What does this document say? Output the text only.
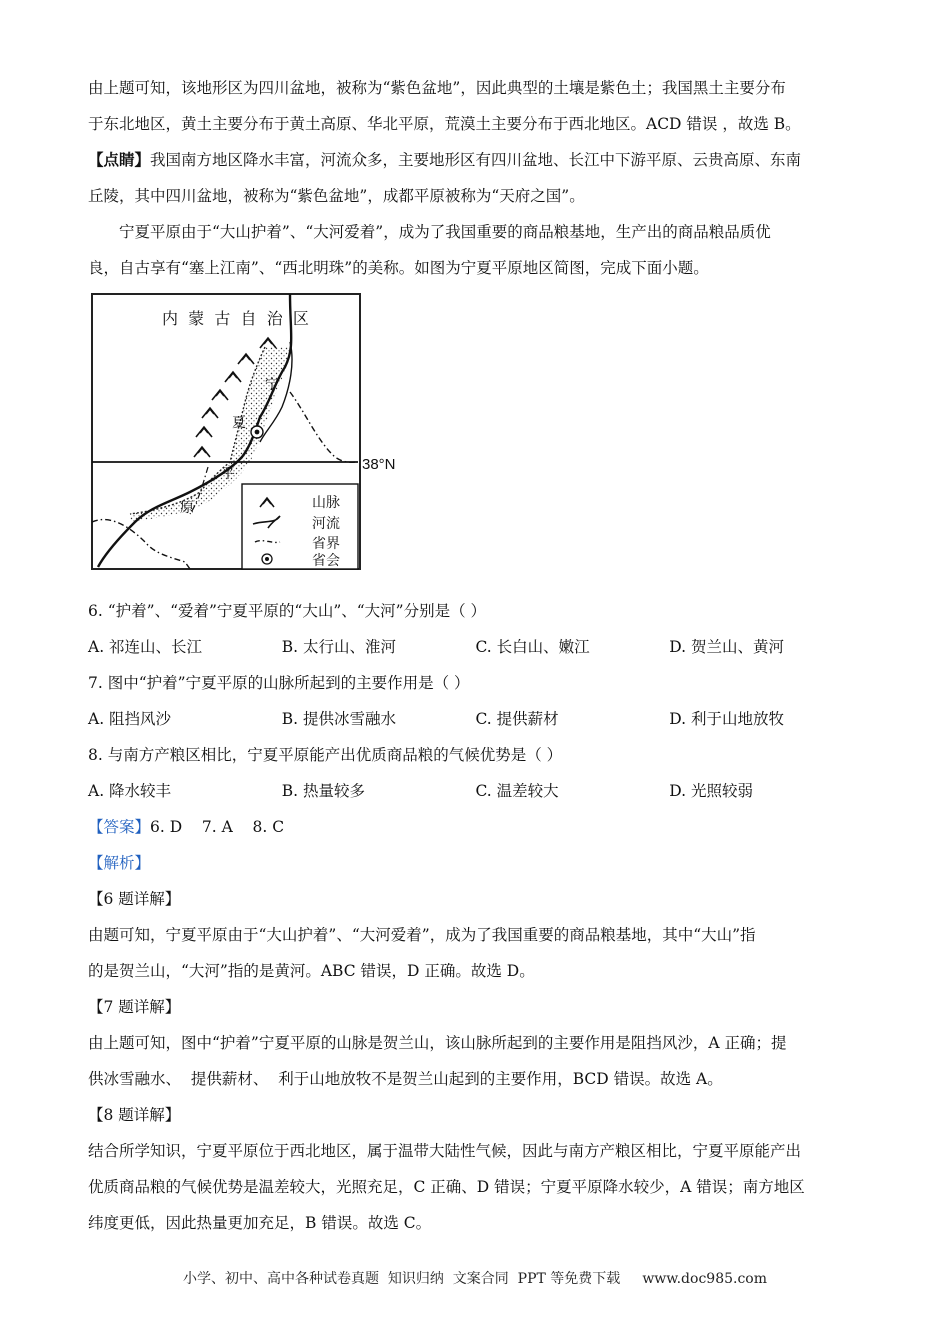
由上题可知，该地形区为四川盆地，被称为“紫色盆地”，因此典型的土壤是紫色土；我国黑土主要分布

于东北地区，黄土主要分布于黄土高原、华北平原，荒漠土主要分布于西北地区。ACD 错误 ，故选 B。

【点睛】我国南方地区降水丰富，河流众多，主要地形区有四川盆地、长江中下游平原、云贵高原、东南

丘陵，其中四川盆地，被称为“紫色盆地”，成都平原被称为“天府之国”。

宁夏平原由于“大山护着”、“大河爱着”，成为了我国重要的商品粮基地，生产出的商品粮品质优

良，自古享有“塞上江南”、“西北明珠”的美称。如图为宁夏平原地区简图，完成下面小题。

38°N
内  蒙  古  自  治  区
宁
夏
平
原	山脉
河流
省界
省会

6. “护着”、“爱着”宁夏平原的“大山”、“大河”分别是（ ）

A. 祁连山、长江	B. 太行山、淮河	C. 长白山、嫩江	D. 贺兰山、黄河

7. 图中“护着”宁夏平原的山脉所起到的主要作用是（ ）

A. 阻挡风沙	B. 提供冰雪融水	C. 提供薪材	D. 利于山地放牧

8. 与南方产粮区相比，宁夏平原能产出优质商品粮的气候优势是（ ）

A. 降水较丰	B. 热量较多	C. 温差较大	D. 光照较弱

【答案】6. D    7. A    8. C

【解析】

【6 题详解】

由题可知，宁夏平原由于“大山护着”、“大河爱着”，成为了我国重要的商品粮基地，其中“大山”指

的是贺兰山，“大河”指的是黄河。ABC 错误，D 正确。故选 D。

【7 题详解】

由上题可知，图中“护着”宁夏平原的山脉是贺兰山，该山脉所起到的主要作用是阻挡风沙，A 正确；提

供冰雪融水、  提供薪材、  利于山地放牧不是贺兰山起到的主要作用，BCD 错误。故选 A。

【8 题详解】

结合所学知识，宁夏平原位于西北地区，属于温带大陆性气候，因此与南方产粮区相比，宁夏平原能产出

优质商品粮的气候优势是温差较大，光照充足，C 正确、D 错误；宁夏平原降水较少，A 错误；南方地区

纬度更低，因此热量更加充足，B 错误。故选 C。

小学、初中、高中各种试卷真题  知识归纳  文案合同  PPT 等免费下载 www.doc985.com
